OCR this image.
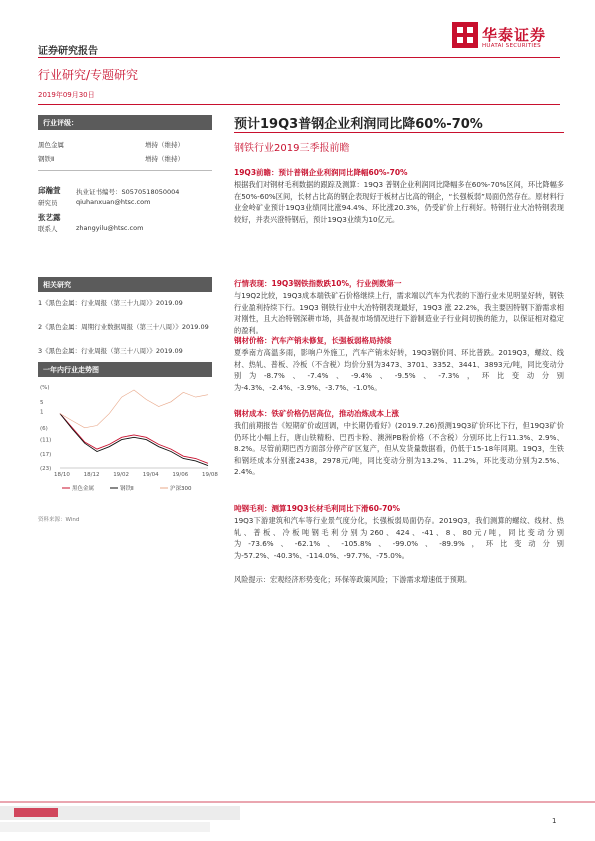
证券研究报告
华泰证券
HUATAI SECURITIES
行业研究/专题研究
2019年09月30日
行业评级：
黑色金属	增持（维持）
钢铁Ⅱ	增持（维持）
邱瀚萱 执业证书编号：S0570518050004
研究员	qiuhanxuan@htsc.com
张艺露
联系人	zhangyilu@htsc.com
相关研究
1《黑色金属：行业周报（第三十九周）》2019.09
2《黑色金属：周期行业数据周报（第三十八周）》2019.09
3《黑色金属：行业周报（第三十八周）》2019.09
一年内行业走势图
(%)
5
1
(6)
(11)
(17)
(23)
18/10 18/12 19/02 19/04 19/06 19/08
黑色金属	钢铁Ⅱ	沪深300
资料来源：Wind
预计19Q3普钢企业利润同比降60%-70%
钢铁行业2019三季报前瞻
19Q3前瞻：预计普钢企业利润同比降幅60%-70%
根据我们对钢材毛利数据的跟踪及测算：19Q3 普钢企业利润同比降幅多在60%-70%区间，环比降幅多在50%-60%区间，长材占比高的钢企表现好于板材占比高的钢企，“长强板弱”局面仍然存在。原材料行业金岭矿业预计19Q3业绩同比涨94.4%、环比涨20.3%，仍受矿价上行利好。特钢行业大冶特钢表现较好，并表兴澄特钢后，预计19Q3业绩为10亿元。
行情表现：19Q3钢铁指数跌10%，行业例数第一
与19Q2比较，19Q3成本端铁矿石价格继续上行，需求端以汽车为代表的下游行业未见明显好转，钢铁行业盈利持续下行。19Q3 钢铁行业中大冶特钢表现最好，19Q3 涨 22.2%，我主要因特钢下游需求相对刚性，且大冶特钢深耕市场，具备视市场情况进行下游制造业子行业间切换的能力，以保证相对稳定的盈利。
钢材价格：汽车产销未修复，长强板弱格局持续
夏季南方高温多雨，影响户外施工，汽车产销未好转，19Q3钢价同、环比普跌。2019Q3，螺纹、线材、热轧、普板、冷板（不含税）均价分别为3473、3701、3352、3441、3893元/吨，同比变动分别为-8.7%、-7.4%、-9.4%、-9.5%、-7.3%，环比变动分别为-4.3%、-2.4%、-3.9%、-3.7%、-1.0%。
钢材成本：铁矿价格仍居高位，推动冶炼成本上涨
我们前期报告《短期矿价或回调，中长期仍看好》(2019.7.26)预测19Q3矿价环比下行，但19Q3矿价仍环比小幅上行，唐山铁精粉、巴西卡粉、澳洲PB粉价格（不含税）分别环比上行11.3%、2.9%、8.2%。尽管前期巴西方面部分停产矿区复产，但从发货量数据看，仍低于15-18年同期。19Q3，生铁和钢坯成本分别涨2438，2978元/吨，同比变动分别为13.2%、11.2%，环比变动分别为2.5%、2.4%。
吨钢毛利：测算19Q3长材毛利同比下滑60-70%
19Q3下游建筑和汽车等行业景气度分化，长强板弱局面仍存。2019Q3，我们测算的螺纹、线材、热轧、普板、冷板吨钢毛利分别为260、424、-41、8、80元/吨，同比变动分别为-73.6%、-62.1%、-105.8%、-99.0%、-89.9%，环比变动分别为-57.2%、-40.3%、-114.0%、-97.7%、-75.0%。
风险提示：宏观经济形势变化；环保等政策风险；下游需求增速低于预期。
1
